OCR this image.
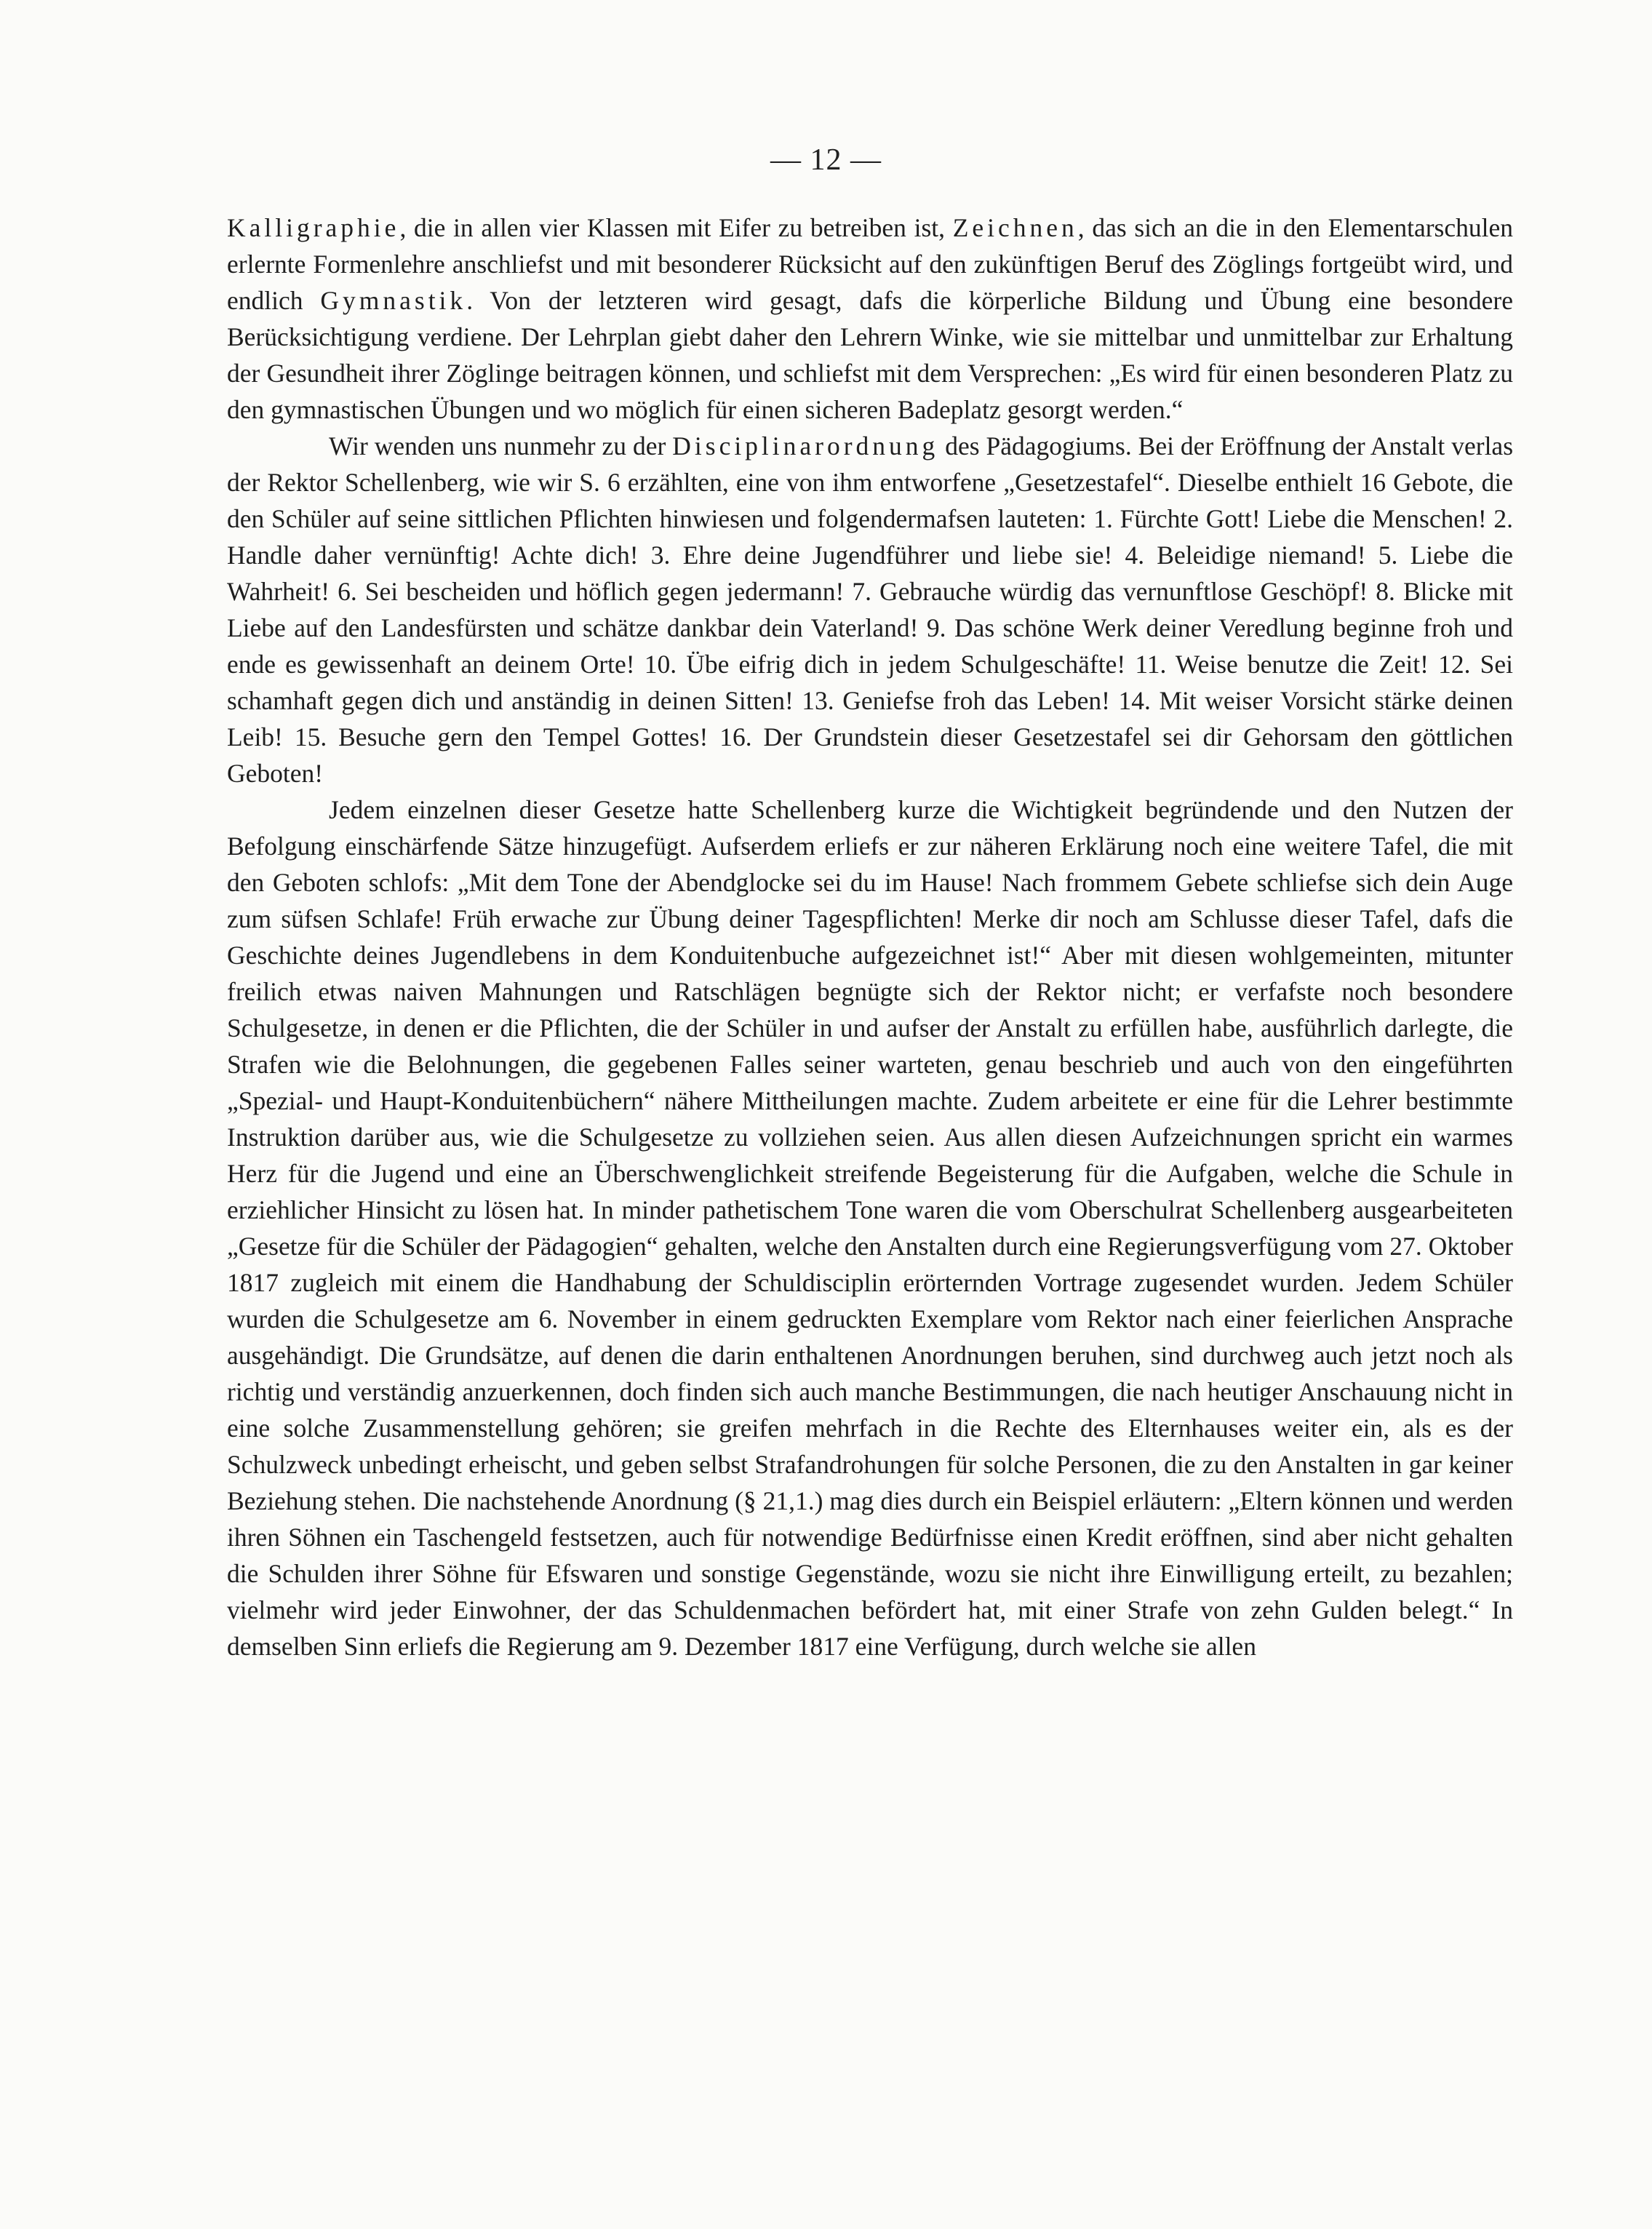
— 12 —

Kalligraphie, die in allen vier Klassen mit Eifer zu betreiben ist, Zeichnen, das sich an die in den Elementarschulen erlernte Formenlehre anschliefst und mit besonderer Rücksicht auf den zukünftigen Beruf des Zöglings fortgeübt wird, und endlich Gymnastik. Von der letzteren wird gesagt, dafs die körperliche Bildung und Übung eine besondere Berücksichtigung verdiene. Der Lehrplan giebt daher den Lehrern Winke, wie sie mittelbar und unmittelbar zur Erhaltung der Gesundheit ihrer Zöglinge beitragen können, und schliefst mit dem Versprechen: „Es wird für einen besonderen Platz zu den gymnastischen Übungen und wo möglich für einen sicheren Badeplatz gesorgt werden.“

Wir wenden uns nunmehr zu der Disciplinarordnung des Pädagogiums. Bei der Eröffnung der Anstalt verlas der Rektor Schellenberg, wie wir S. 6 erzählten, eine von ihm entworfene „Gesetzestafel“. Dieselbe enthielt 16 Gebote, die den Schüler auf seine sittlichen Pflichten hinwiesen und folgendermafsen lauteten: 1. Fürchte Gott! Liebe die Menschen! 2. Handle daher vernünftig! Achte dich! 3. Ehre deine Jugendführer und liebe sie! 4. Beleidige niemand! 5. Liebe die Wahrheit! 6. Sei bescheiden und höflich gegen jedermann! 7. Gebrauche würdig das vernunftlose Geschöpf! 8. Blicke mit Liebe auf den Landesfürsten und schätze dankbar dein Vaterland! 9. Das schöne Werk deiner Veredlung beginne froh und ende es gewissenhaft an deinem Orte! 10. Übe eifrig dich in jedem Schulgeschäfte! 11. Weise benutze die Zeit! 12. Sei schamhaft gegen dich und anständig in deinen Sitten! 13. Geniefse froh das Leben! 14. Mit weiser Vorsicht stärke deinen Leib! 15. Besuche gern den Tempel Gottes! 16. Der Grundstein dieser Gesetzestafel sei dir Gehorsam den göttlichen Geboten!

Jedem einzelnen dieser Gesetze hatte Schellenberg kurze die Wichtigkeit begründende und den Nutzen der Befolgung einschärfende Sätze hinzugefügt. Aufserdem erliefs er zur näheren Erklärung noch eine weitere Tafel, die mit den Geboten schlofs: „Mit dem Tone der Abendglocke sei du im Hause! Nach frommem Gebete schliefse sich dein Auge zum süfsen Schlafe! Früh erwache zur Übung deiner Tagespflichten! Merke dir noch am Schlusse dieser Tafel, dafs die Geschichte deines Jugendlebens in dem Konduitenbuche aufgezeichnet ist!“ Aber mit diesen wohlgemeinten, mitunter freilich etwas naiven Mahnungen und Ratschlägen begnügte sich der Rektor nicht; er verfafste noch besondere Schulgesetze, in denen er die Pflichten, die der Schüler in und aufser der Anstalt zu erfüllen habe, ausführlich darlegte, die Strafen wie die Belohnungen, die gegebenen Falles seiner warteten, genau beschrieb und auch von den eingeführten „Spezial- und Haupt-Konduitenbüchern“ nähere Mittheilungen machte. Zudem arbeitete er eine für die Lehrer bestimmte Instruktion darüber aus, wie die Schulgesetze zu vollziehen seien. Aus allen diesen Aufzeichnungen spricht ein warmes Herz für die Jugend und eine an Überschwenglichkeit streifende Begeisterung für die Aufgaben, welche die Schule in erziehlicher Hinsicht zu lösen hat. In minder pathetischem Tone waren die vom Oberschulrat Schellenberg ausgearbeiteten „Gesetze für die Schüler der Pädagogien“ gehalten, welche den Anstalten durch eine Regierungsverfügung vom 27. Oktober 1817 zugleich mit einem die Handhabung der Schuldisciplin erörternden Vortrage zugesendet wurden. Jedem Schüler wurden die Schulgesetze am 6. November in einem gedruckten Exemplare vom Rektor nach einer feierlichen Ansprache ausgehändigt. Die Grundsätze, auf denen die darin enthaltenen Anordnungen beruhen, sind durchweg auch jetzt noch als richtig und verständig anzuerkennen, doch finden sich auch manche Bestimmungen, die nach heutiger Anschauung nicht in eine solche Zusammenstellung gehören; sie greifen mehrfach in die Rechte des Elternhauses weiter ein, als es der Schulzweck unbedingt erheischt, und geben selbst Strafandrohungen für solche Personen, die zu den Anstalten in gar keiner Beziehung stehen. Die nachstehende Anordnung (§ 21,1.) mag dies durch ein Beispiel erläutern: „Eltern können und werden ihren Söhnen ein Taschengeld festsetzen, auch für notwendige Bedürfnisse einen Kredit eröffnen, sind aber nicht gehalten die Schulden ihrer Söhne für Efswaren und sonstige Gegenstände, wozu sie nicht ihre Einwilligung erteilt, zu bezahlen; vielmehr wird jeder Einwohner, der das Schuldenmachen befördert hat, mit einer Strafe von zehn Gulden belegt.“ In demselben Sinn erliefs die Regierung am 9. Dezember 1817 eine Verfügung, durch welche sie allen
